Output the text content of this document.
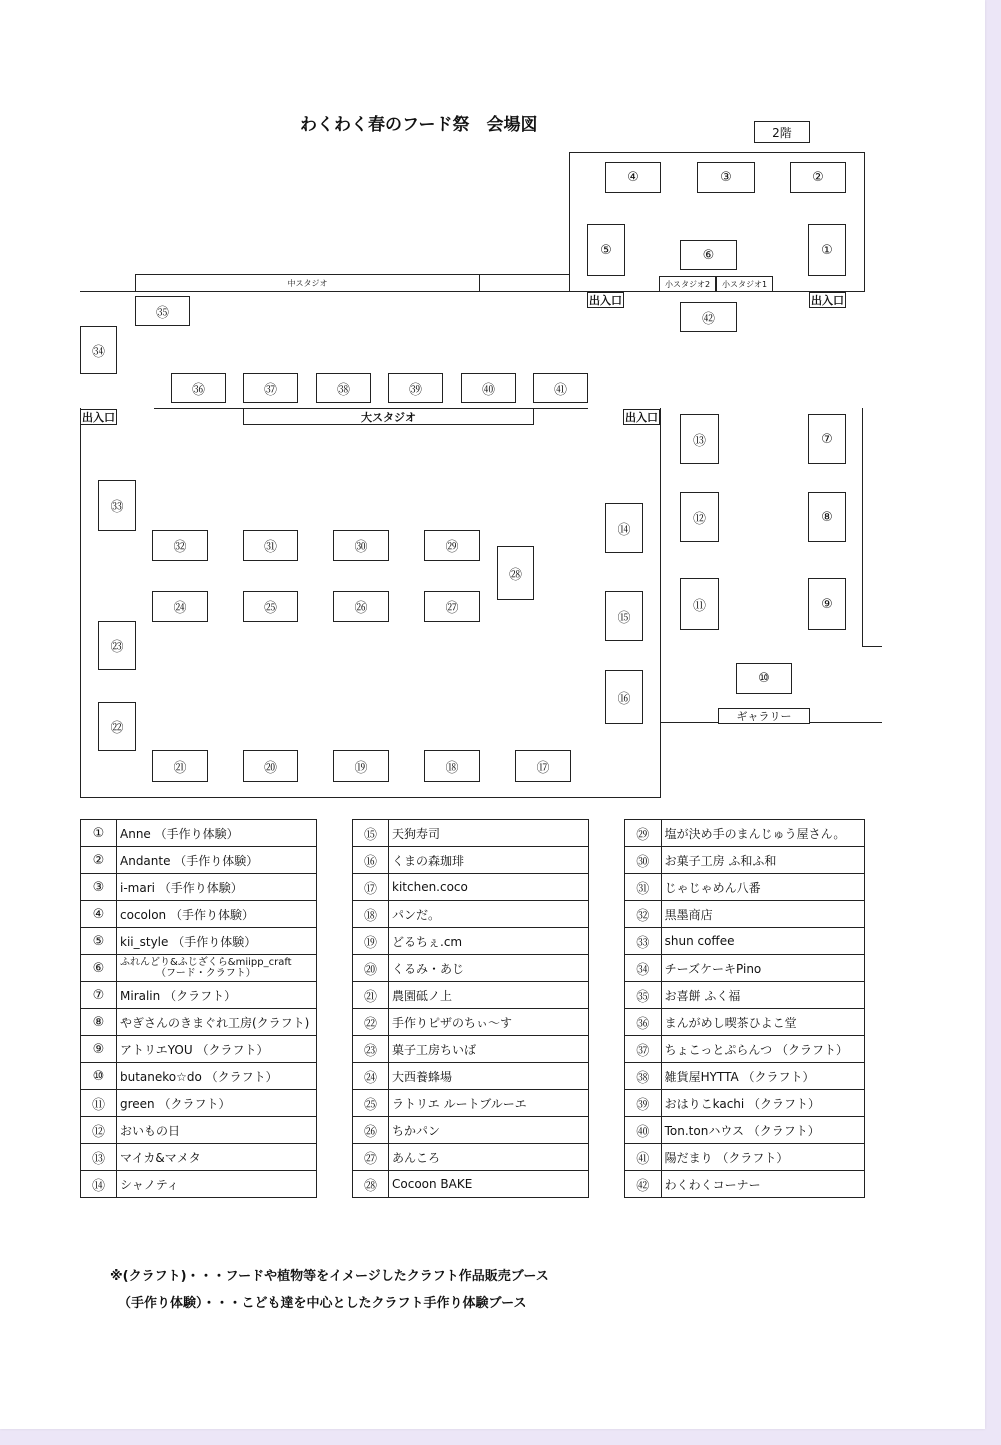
わくわく春のフード祭　会場図	2階
中スタジオ
大スタジオ
小スタジオ2	小スタジオ1
ギャラリー
出入口	出入口
出入口	出入口
④	③	②
⑤	⑥	①
㊷
㉟
㉞
㊱	㊲	㊳	㊴	㊵	㊶
⑬	⑦
⑫	⑧
⑪	⑨
⑩
㉝
㉜	㉛	㉚	㉙
㉘
⑭
㉔	㉕	㉖	㉗
⑮
㉓
⑯
㉒
㉑	⑳	⑲	⑱	⑰
①	Anne （手作り体験）
②	Andante （手作り体験）
③	i-mari （手作り体験）
④	cocolon （手作り体験）
⑤	kii_style （手作り体験）
⑥	ふれんどり&ふじざくら&miipp_craft
（フード・クラフト）

⑦	Miralin （クラフト）
⑧	やぎさんのきまぐれ工房(クラフト)
⑨	アトリエYOU （クラフト）
⑩	butaneko☆do （クラフト）
⑪	green （クラフト）
⑫	おいもの日
⑬	マイカ&マメタ
⑭	シャノティ
⑮	天狗寿司
⑯	くまの森珈琲
⑰	kitchen.coco
⑱	パンだ。
⑲	どるちぇ.cm
⑳	くるみ・あじ
㉑	農園砥ノ上
㉒	手作りピザのちぃ～す
㉓	菓子工房ちいば
㉔	大西養蜂場
㉕	ラトリエ ルートブルーエ
㉖	ちかパン
㉗	あんころ
㉘	Cocoon BAKE
㉙	塩が決め手のまんじゅう屋さん。
㉚	お菓子工房 ふ和ふ和
㉛	じゃじゃめん八番
㉜	黒墨商店
㉝	shun coffee
㉞	チーズケーキPino
㉟	お喜餅 ふく福
㊱	まんがめし喫茶ひよこ堂
㊲	ちょこっとぷらんつ （クラフト）
㊳	雑貨屋HYTTA （クラフト）
㊴	おはりこkachi （クラフト）
㊵	Ton.tonハウス （クラフト）
㊶	陽だまり （クラフト）
㊷	わくわくコーナー
※(クラフト)・・・フードや植物等をイメージしたクラフト作品販売ブース
（手作り体験）・・・こども達を中心としたクラフト手作り体験ブース
